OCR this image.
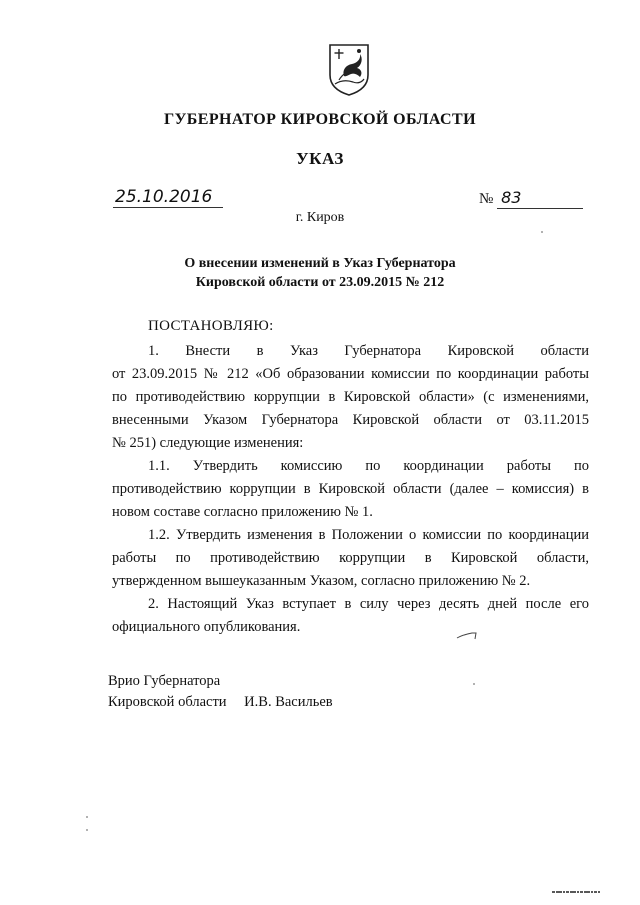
ГУБЕРНАТОР КИРОВСКОЙ ОБЛАСТИ
УКАЗ
25.10.2016	№ 83
г. Киров
О внесении изменений в Указ Губернатора
Кировской области от 23.09.2015 № 212
ПОСТАНОВЛЯЮ:
1. Внести в Указ Губернатора Кировской области
от 23.09.2015 № 212 «Об образовании комиссии по координации работы
по противодействию коррупции в Кировской области» (с изменениями,
внесенными Указом Губернатора Кировской области от 03.11.2015
№ 251) следующие изменения:
1.1. Утвердить комиссию по координации работы по
противодействию коррупции в Кировской области (далее – комиссия) в
новом составе согласно приложению № 1.
1.2. Утвердить изменения в Положении о комиссии по координации
работы по противодействию коррупции в Кировской области,
утвержденном вышеуказанным Указом, согласно приложению № 2.
2. Настоящий Указ вступает в силу через десять дней после его
официального опубликования.
Врио Губернатора
Кировской области И.В. Васильев
